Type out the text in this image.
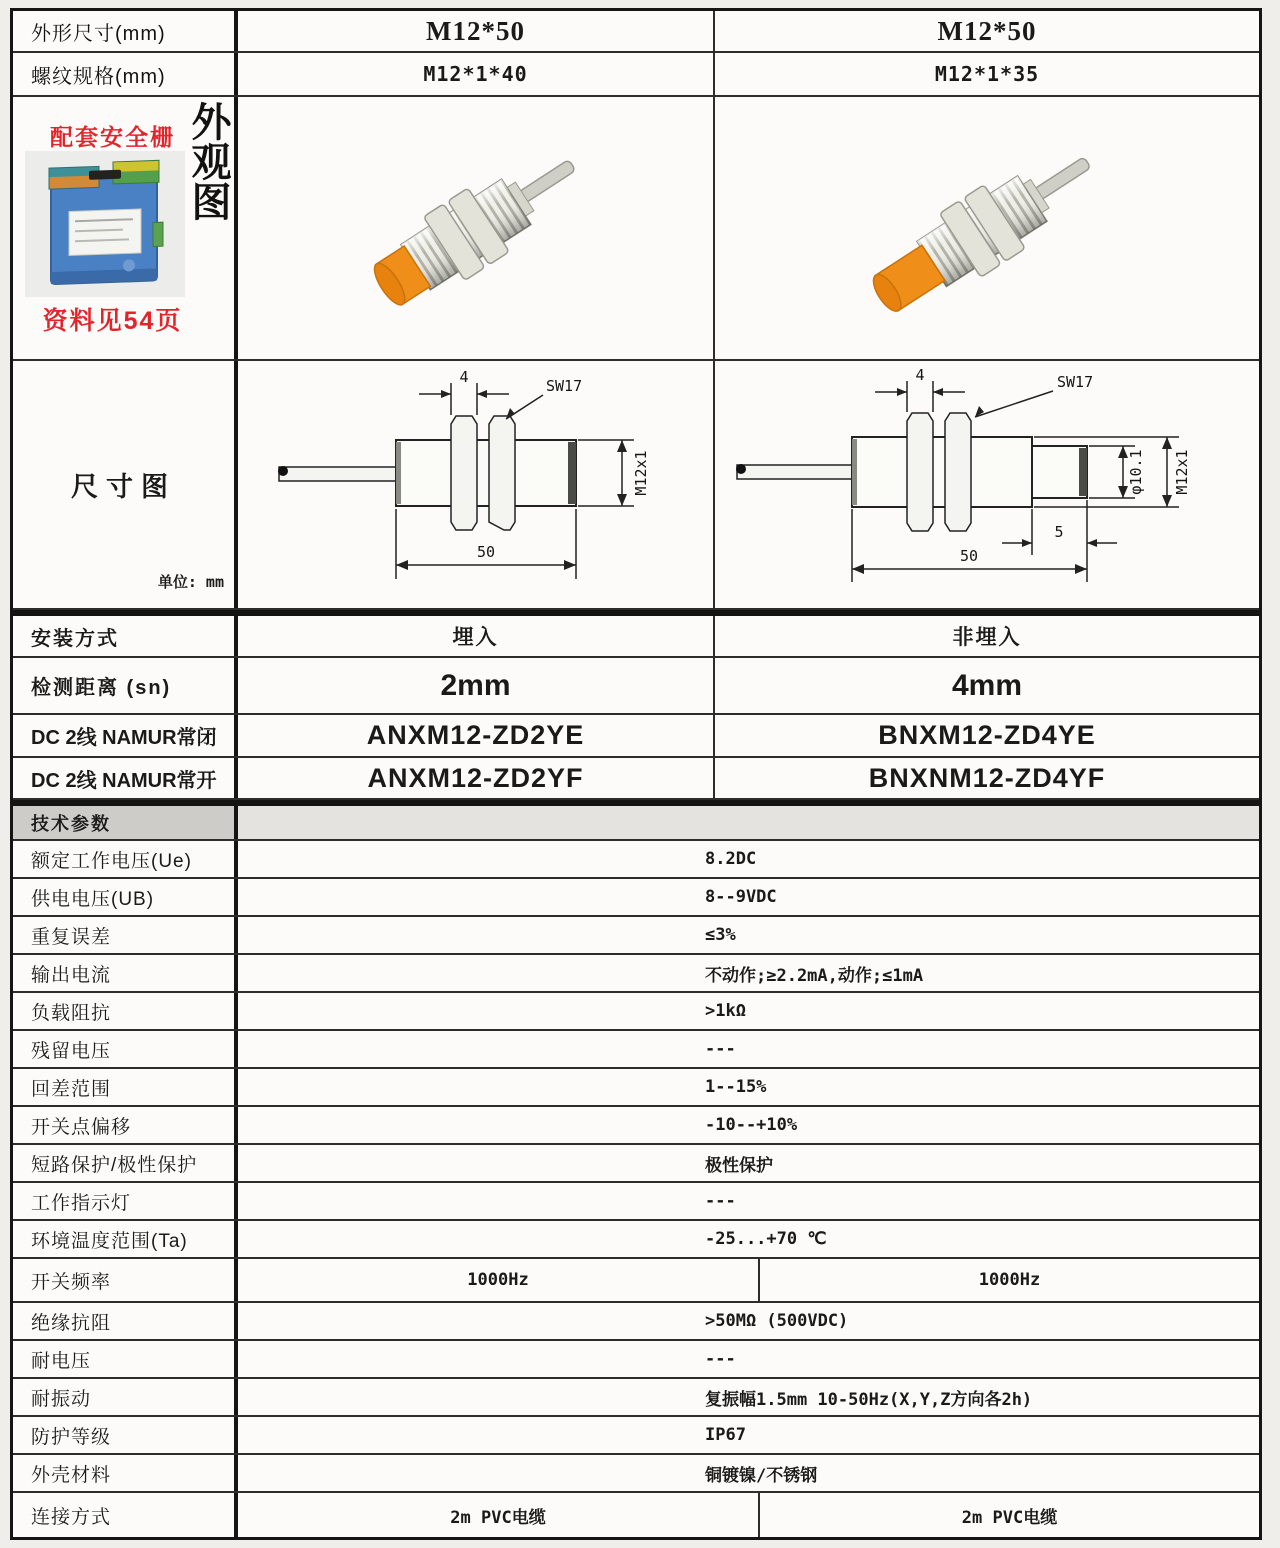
外形尺寸(mm)	M12*50	M12*50
螺纹规格(mm)	M12*1*40	M12*1*35
配套安全栅
资料见54页
外观图
尺寸图
单位: mm
4	SW17
M12x1
50
4	SW17
φ10.1 M12x1
5
50
安装方式	埋入	非埋入
检测距离 (sn)	2mm	4mm
DC 2线 NAMUR常闭	ANXM12-ZD2YE	BNXM12-ZD4YE
DC 2线 NAMUR常开	ANXM12-ZD2YF	BNXNM12-ZD4YF
技术参数
额定工作电压(Ue)	8.2DC
供电电压(UB)	8--9VDC
重复误差	≤3%
输出电流	不动作;≥2.2mA,动作;≤1mA
负载阻抗	>1kΩ
残留电压	---
回差范围	1--15%
开关点偏移	-10--+10%
短路保护/极性保护	极性保护
工作指示灯	---
环境温度范围(Ta)	-25...+70 ℃
开关频率	1000Hz	1000Hz
绝缘抗阻	>50MΩ (500VDC)
耐电压	---
耐振动	复振幅1.5mm 10-50Hz(X,Y,Z方向各2h)
防护等级	IP67
外壳材料	铜镀镍/不锈钢
连接方式	2m PVC电缆	2m PVC电缆
